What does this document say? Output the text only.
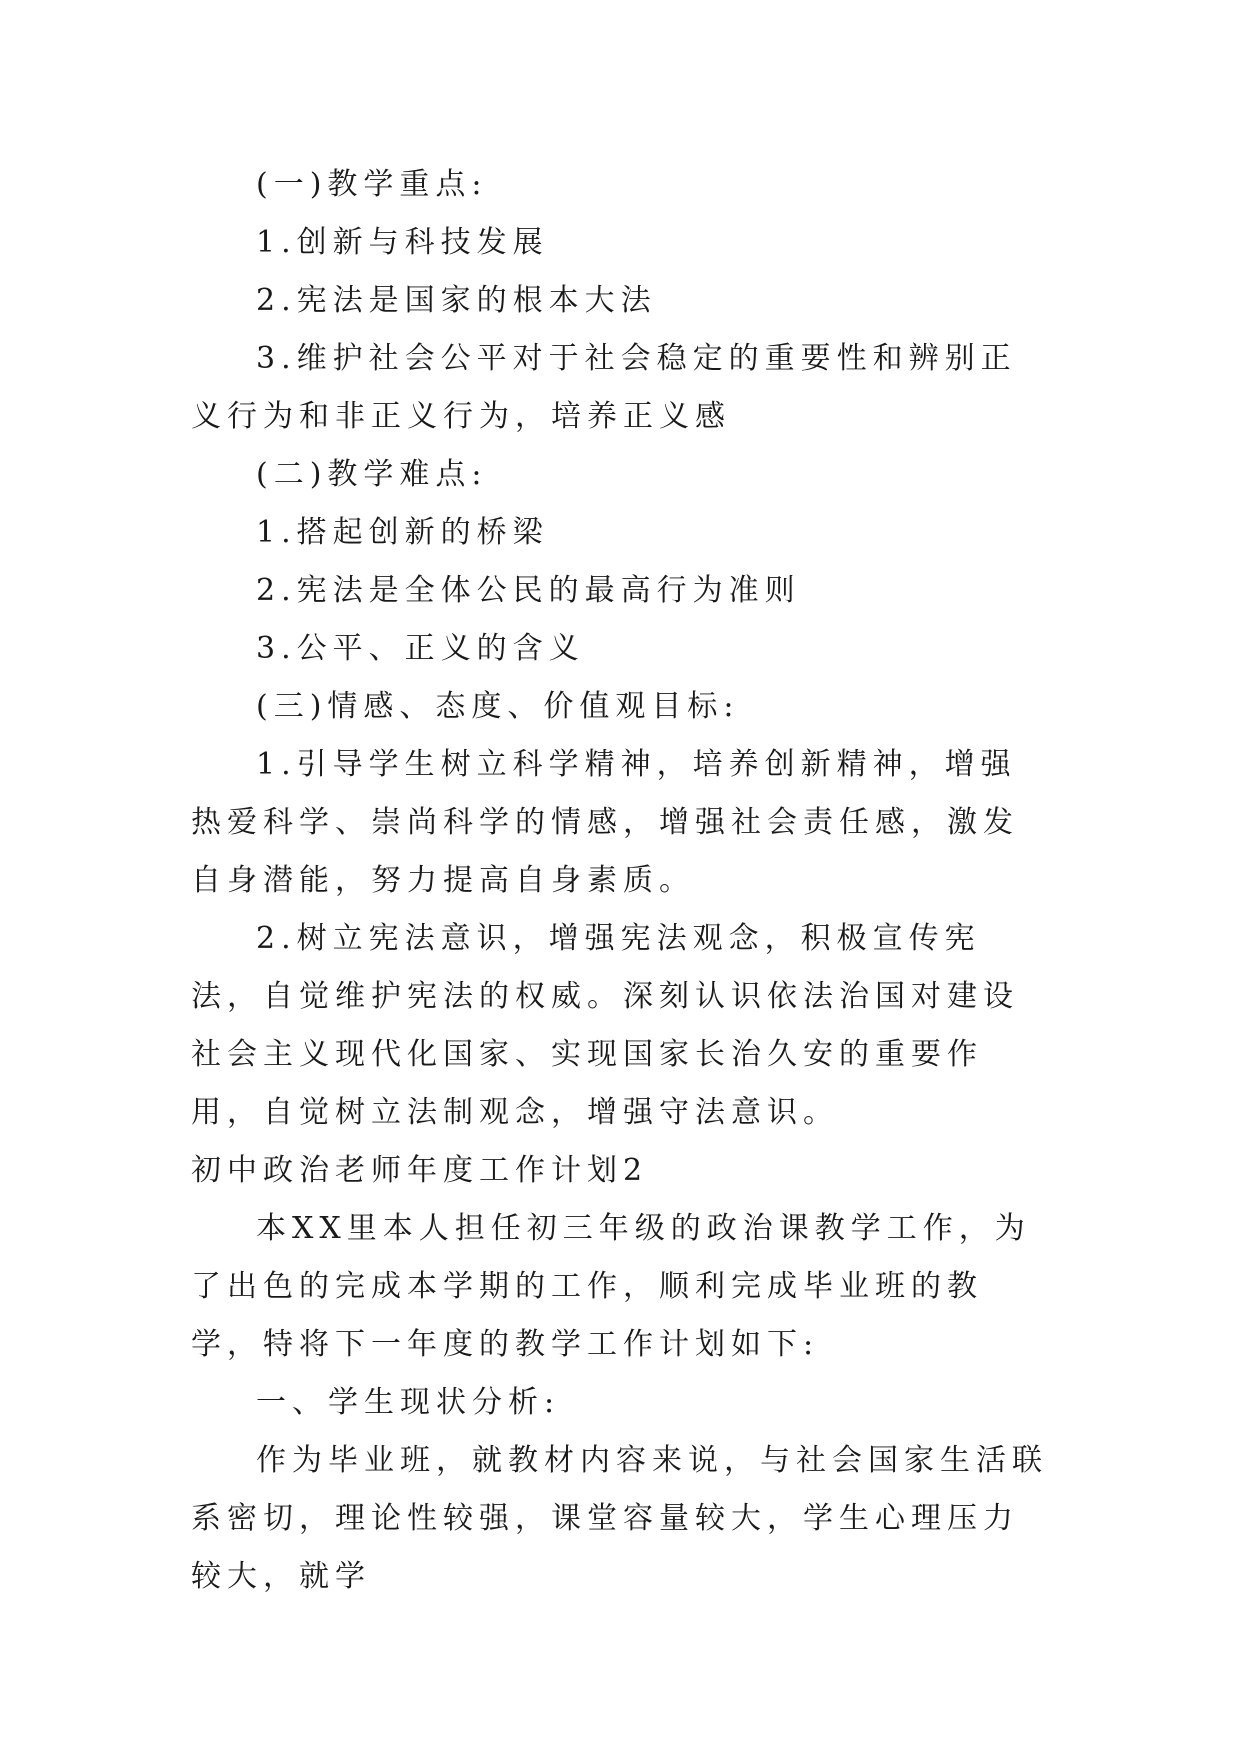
(一)教学重点:

1.创新与科技发展

2.宪法是国家的根本大法

3.维护社会公平对于社会稳定的重要性和辨别正义行为和非正义行为，培养正义感

(二)教学难点:

1.搭起创新的桥梁

2.宪法是全体公民的最高行为准则

3.公平、正义的含义

(三)情感、态度、价值观目标:

1.引导学生树立科学精神，培养创新精神，增强热爱科学、崇尚科学的情感，增强社会责任感，激发自身潜能，努力提高自身素质。

2.树立宪法意识，增强宪法观念，积极宣传宪法，自觉维护宪法的权威。深刻认识依法治国对建设社会主义现代化国家、实现国家长治久安的重要作用，自觉树立法制观念，增强守法意识。

初中政治老师年度工作计划2

本XX里本人担任初三年级的政治课教学工作，为了出色的完成本学期的工作，顺利完成毕业班的教学，特将下一年度的教学工作计划如下:

一、学生现状分析:

作为毕业班，就教材内容来说，与社会国家生活联系密切，理论性较强，课堂容量较大，学生心理压力较大，就学
